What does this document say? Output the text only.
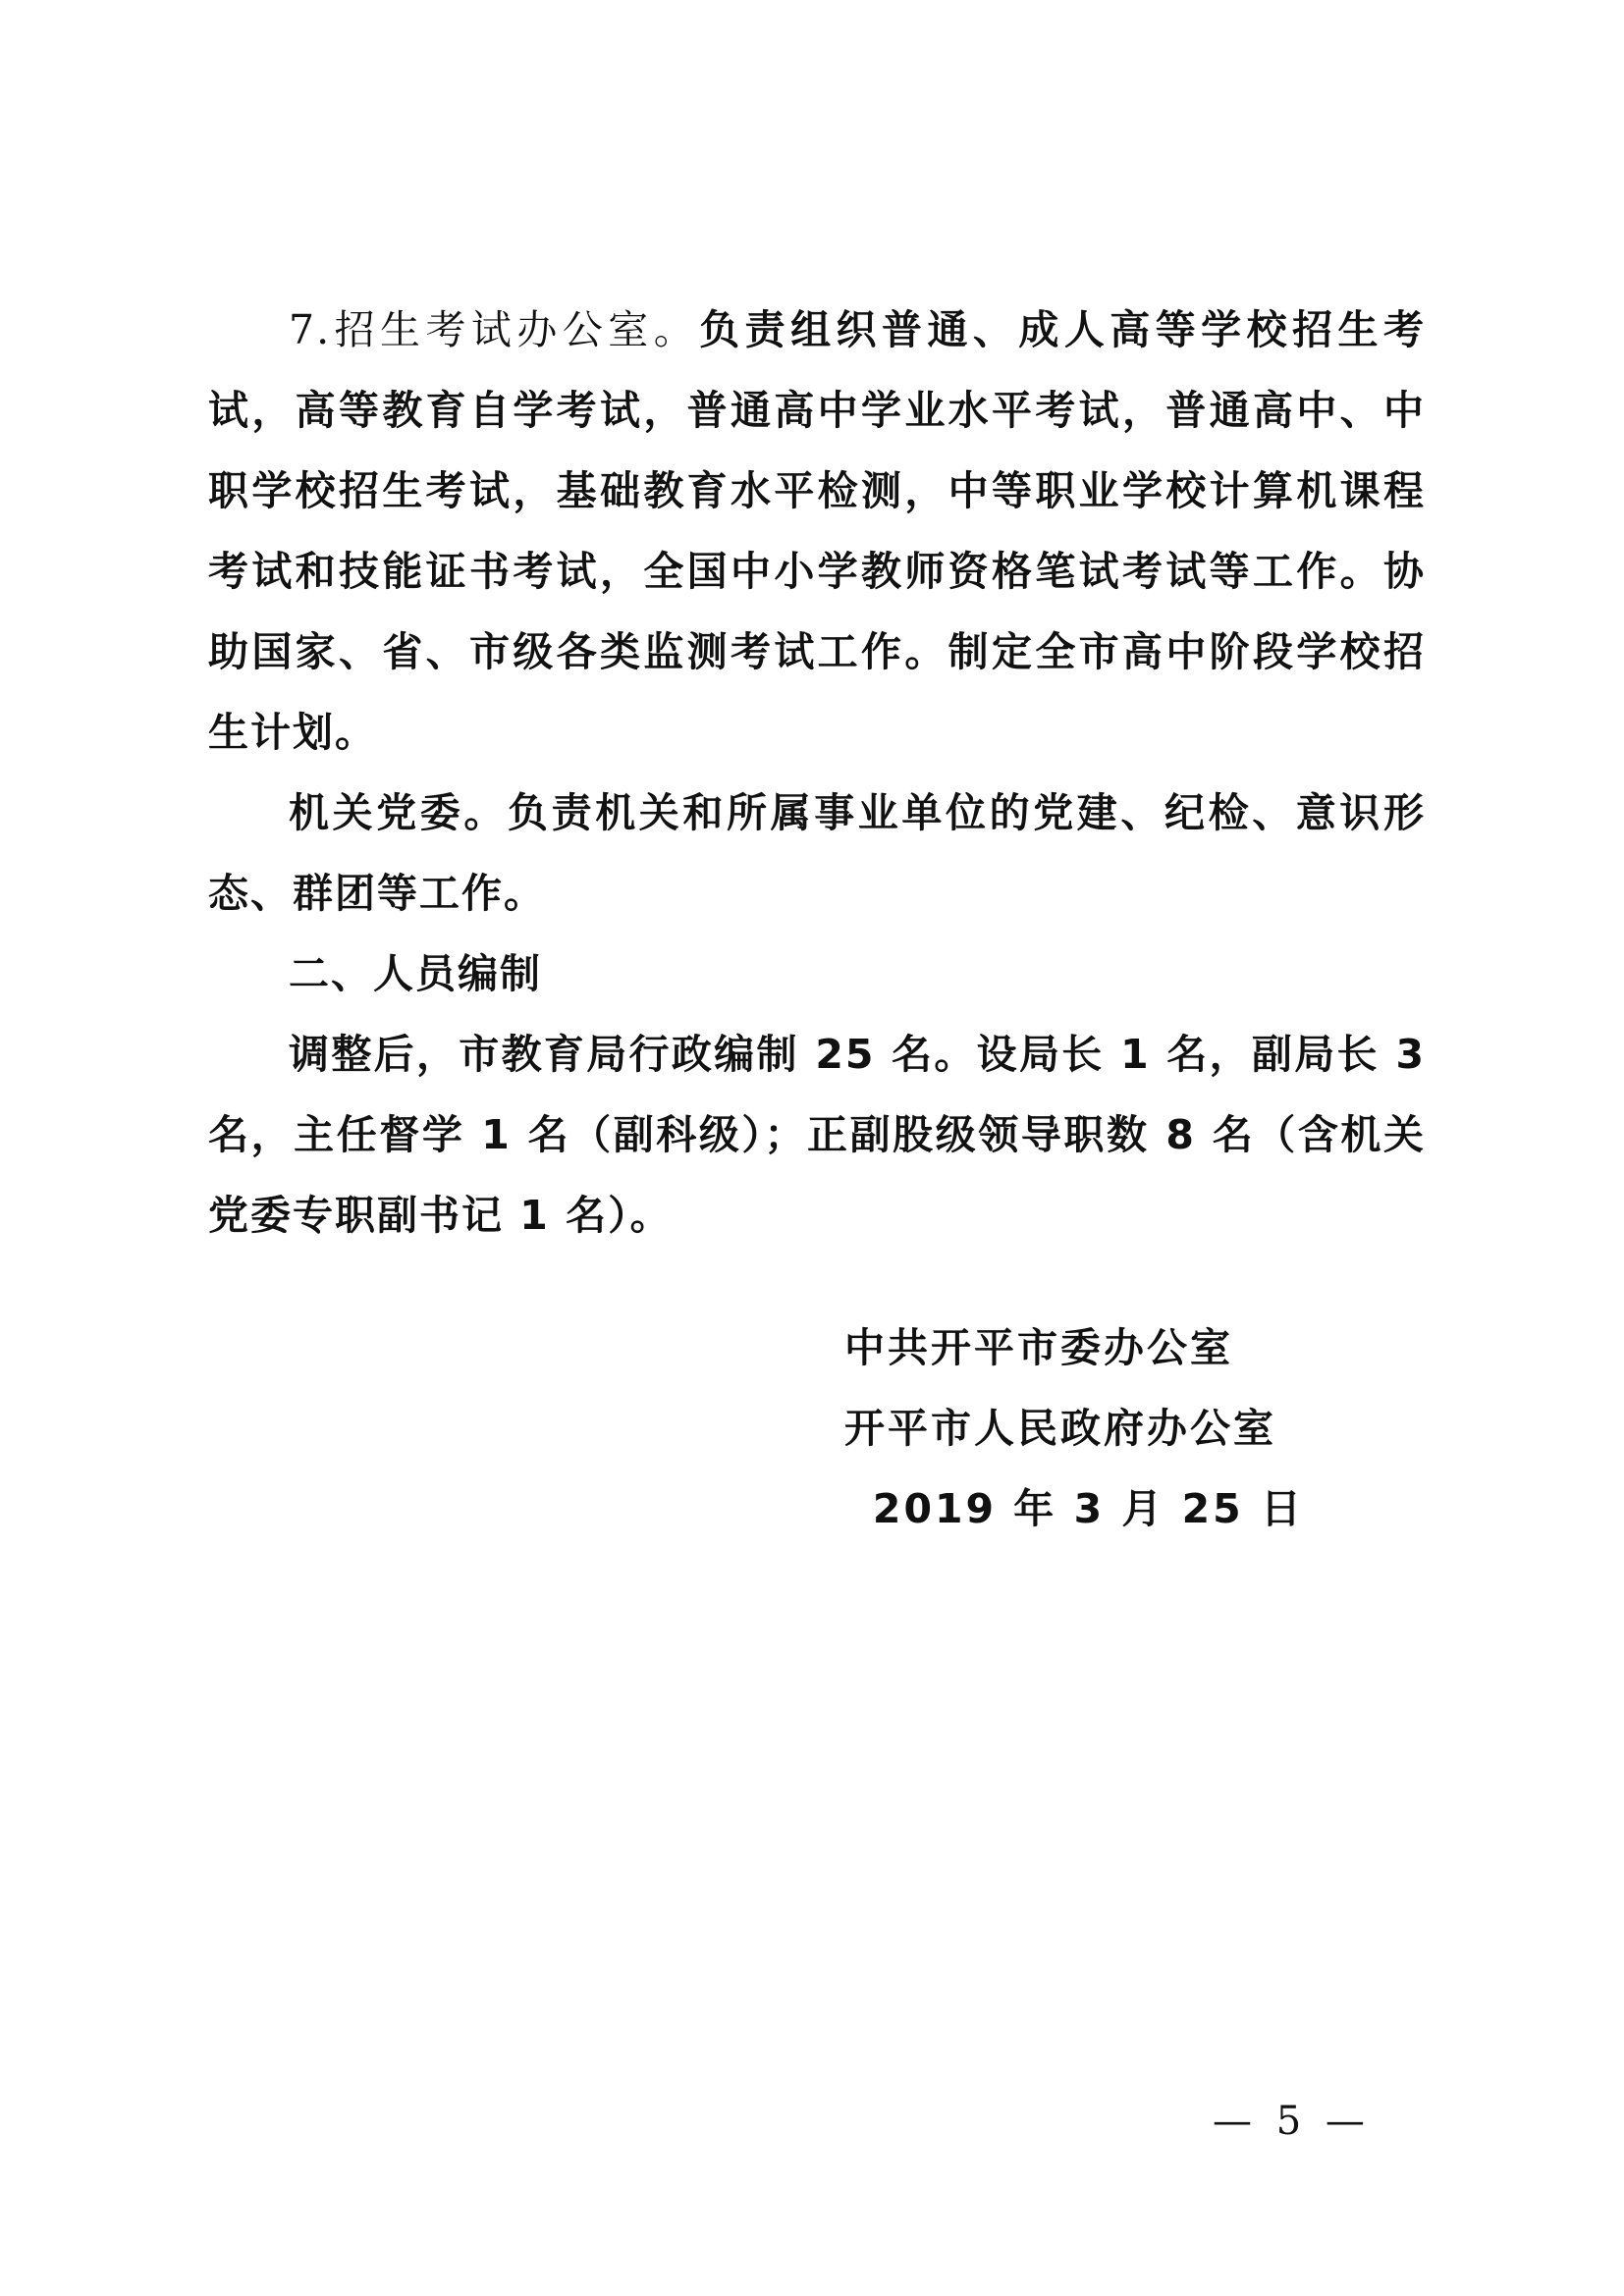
7.招生考试办公室。负责组织普通、成人高等学校招生考试，高等教育自学考试，普通高中学业水平考试，普通高中、中职学校招生考试，基础教育水平检测，中等职业学校计算机课程考试和技能证书考试，全国中小学教师资格笔试考试等工作。协助国家、省、市级各类监测考试工作。制定全市高中阶段学校招生计划。

机关党委。负责机关和所属事业单位的党建、纪检、意识形态、群团等工作。

二、人员编制

调整后，市教育局行政编制 25 名。设局长 1 名，副局长 3 名，主任督学 1 名（副科级）；正副股级领导职数 8 名（含机关党委专职副书记 1 名）。

中共开平市委办公室
开平市人民政府办公室
2019 年 3 月 25 日
— 5 —
